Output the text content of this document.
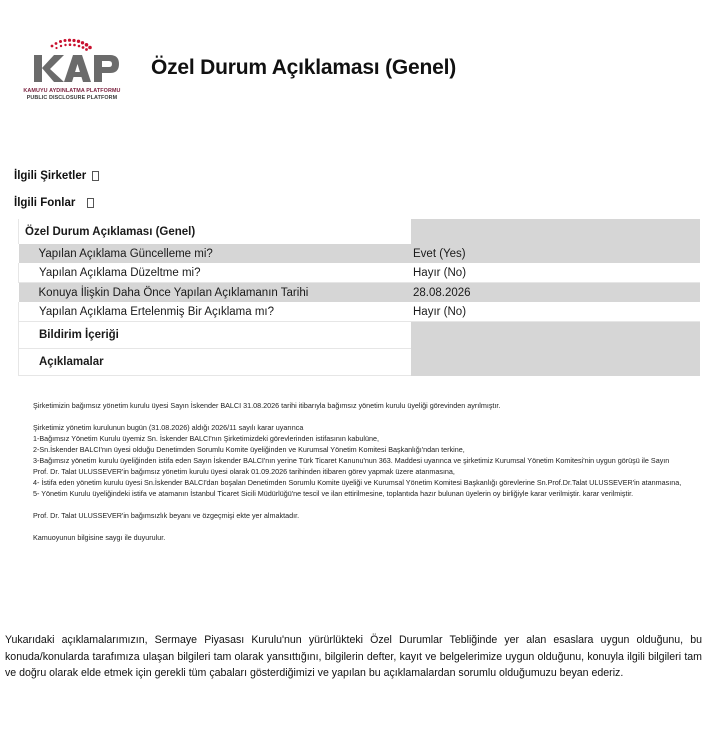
KAMUYU AYDINLATMA PLATFORMU
PUBLIC DISCLOSURE PLATFORM
Özel Durum Açıklaması (Genel)
İlgili Şirketler
İlgili Fonlar
Özel Durum Açıklaması (Genel)	
Yapılan Açıklama Güncelleme mi?	Evet (Yes)
Yapılan Açıklama Düzeltme mi?	Hayır (No)
Konuya İlişkin Daha Önce Yapılan Açıklamanın Tarihi	28.08.2026
Yapılan Açıklama Ertelenmiş Bir Açıklama mı?	Hayır (No)
Bildirim İçeriği	
Açıklamalar	

Şirketimizin bağımsız yönetim kurulu üyesi Sayın İskender BALCI 31.08.2026 tarihi itibarıyla bağımsız yönetim kurulu üyeliği görevinden ayrılmıştır.

Şirketimiz yönetim kurulunun bugün (31.08.2026) aldığı 2026/11 sayılı karar uyarınca

1-Bağımsız Yönetim Kurulu üyemiz Sn. İskender BALCI'nın Şirketimizdeki görevlerinden istifasının kabulüne,

2-Sn.İskender BALCI'nın üyesi olduğu Denetimden Sorumlu Komite üyeliğinden ve Kurumsal Yönetim Komitesi Başkanlığı'ndan terkine,

3-Bağımsız yönetim kurulu üyeliğinden istifa eden Sayın İskender BALCI'nın yerine Türk Ticaret Kanunu'nun 363. Maddesi uyarınca ve şirketimiz Kurumsal Yönetim Komitesi'nin uygun görüşü ile Sayın Prof. Dr. Talat ULUSSEVER'in bağımsız yönetim kurulu üyesi olarak 01.09.2026 tarihinden itibaren görev yapmak üzere atanmasına,

4- İstifa eden yönetim kurulu üyesi Sn.İskender BALCI'dan boşalan Denetimden Sorumlu Komite üyeliği ve Kurumsal Yönetim Komitesi Başkanlığı görevlerine Sn.Prof.Dr.Talat ULUSSEVER'in atanmasına,

5- Yönetim Kurulu üyeliğindeki istifa ve atamanın İstanbul Ticaret Sicili Müdürlüğü'ne tescil ve ilan ettirilmesine, toplantıda hazır bulunan üyelerin oy birliğiyle karar verilmiştir. karar verilmiştir.

Prof. Dr. Talat ULUSSEVER'in bağımsızlık beyanı ve özgeçmişi ekte yer almaktadır.

Kamuoyunun bilgisine saygı ile duyurulur.

Yukarıdaki açıklamalarımızın, Sermaye Piyasası Kurulu'nun yürürlükteki Özel Durumlar Tebliğinde yer alan esaslara uygun olduğunu, bu konuda/konularda tarafımıza ulaşan bilgileri tam olarak yansıttığını, bilgilerin defter, kayıt ve belgelerimize uygun olduğunu, konuyla ilgili bilgileri tam ve doğru olarak elde etmek için gerekli tüm çabaları gösterdiğimizi ve yapılan bu açıklamalardan sorumlu olduğumuzu beyan ederiz.
